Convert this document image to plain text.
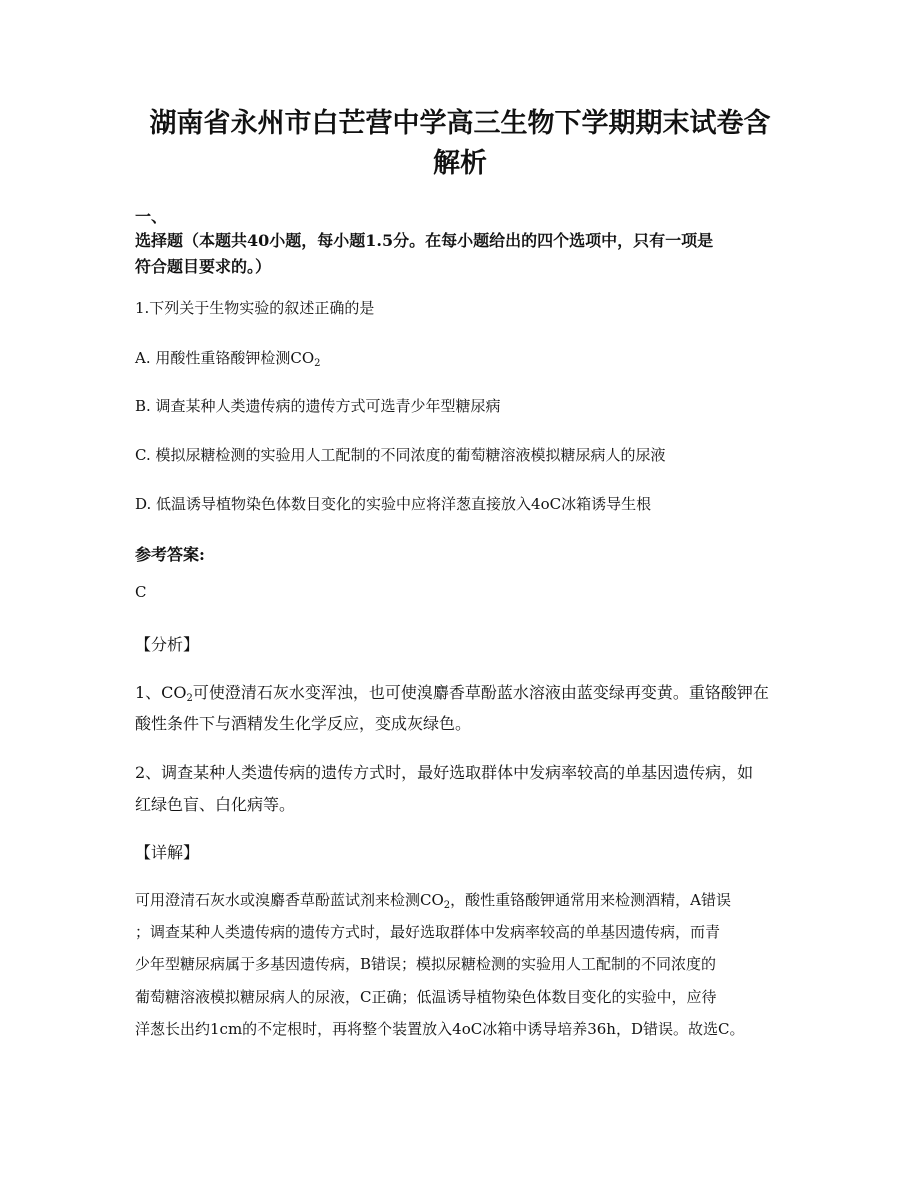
湖南省永州市白芒营中学高三生物下学期期末试卷含
解析
一、
选择题（本题共40小题，每小题1.5分。在每小题给出的四个选项中，只有一项是
符合题目要求的。）
1.下列关于生物实验的叙述正确的是
A. 用酸性重铬酸钾检测$CO_2$
B. 调查某种人类遗传病的遗传方式可选青少年型糖尿病
C. 模拟尿糖检测的实验用人工配制的不同浓度的葡萄糖溶液模拟糖尿病人的尿液
D. 低温诱导植物染色体数目变化的实验中应将洋葱直接放入4oC冰箱诱导生根
参考答案:
C
【分析】
1、$CO_2$可使澄清石灰水变浑浊，也可使溴麝香草酚蓝水溶液由蓝变绿再变黄。重铬酸钾在
酸性条件下与酒精发生化学反应，变成灰绿色。
2、调查某种人类遗传病的遗传方式时，最好选取群体中发病率较高的单基因遗传病，如
红绿色盲、白化病等。
【详解】
可用澄清石灰水或溴麝香草酚蓝试剂来检测$CO_2$，酸性重铬酸钾通常用来检测酒精，A错误
；调查某种人类遗传病的遗传方式时，最好选取群体中发病率较高的单基因遗传病，而青
少年型糖尿病属于多基因遗传病，B错误；模拟尿糖检测的实验用人工配制的不同浓度的
葡萄糖溶液模拟糖尿病人的尿液，C正确；低温诱导植物染色体数目变化的实验中，应待
洋葱长出约1cm的不定根时，再将整个装置放入4oC冰箱中诱导培养36h，D错误。故选C。
